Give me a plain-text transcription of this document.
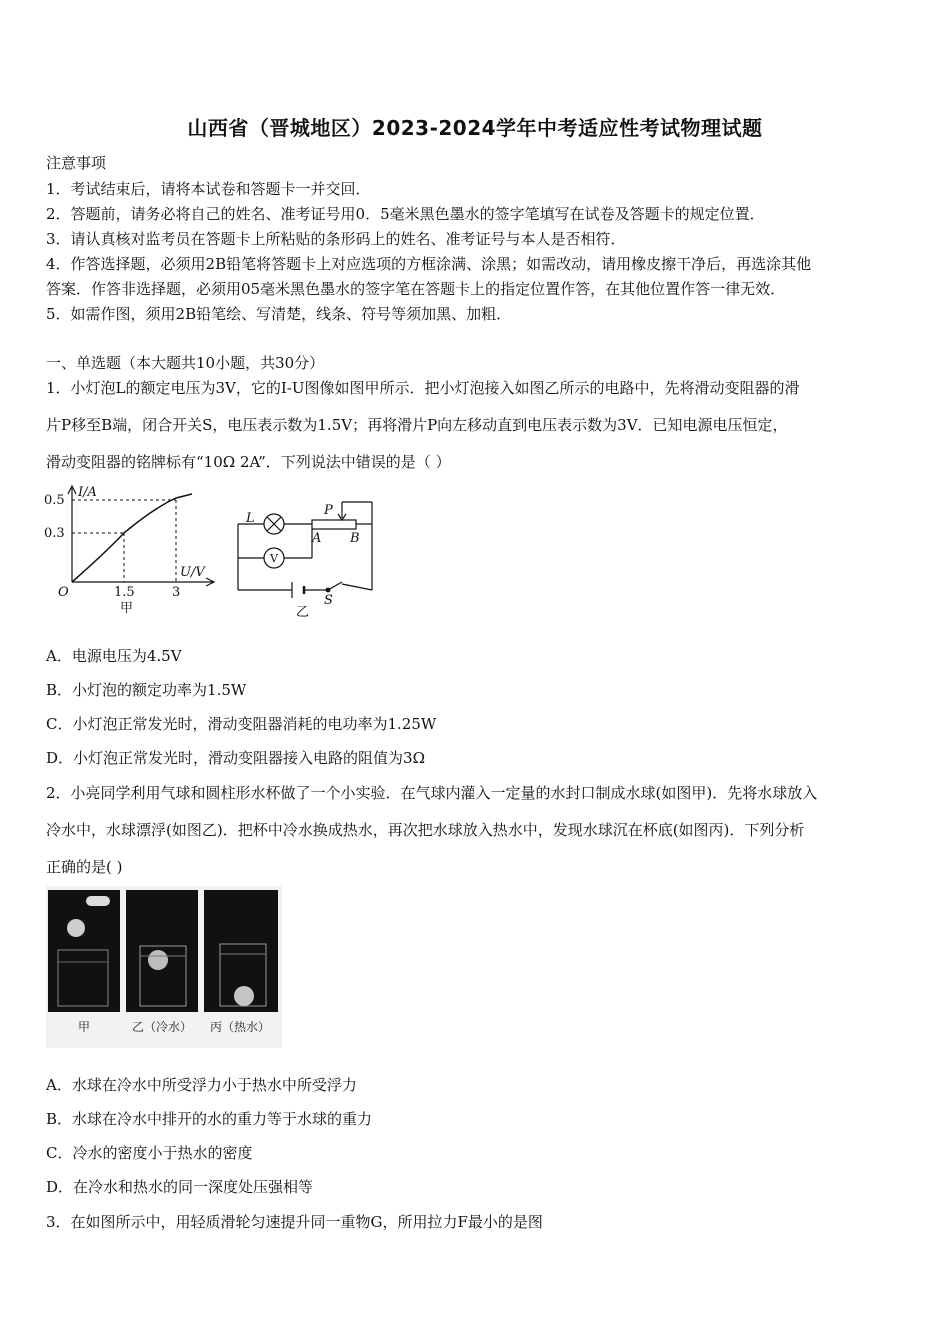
山西省（晋城地区）2023-2024学年中考适应性考试物理试题
注意事项
1．考试结束后，请将本试卷和答题卡一并交回．
2．答题前，请务必将自己的姓名、准考证号用0．5毫米黑色墨水的签字笔填写在试卷及答题卡的规定位置．
3．请认真核对监考员在答题卡上所粘贴的条形码上的姓名、准考证号与本人是否相符．
4．作答选择题，必须用2B铅笔将答题卡上对应选项的方框涂满、涂黑；如需改动，请用橡皮擦干净后，再选涂其他
答案．作答非选择题，必须用05毫米黑色墨水的签字笔在答题卡上的指定位置作答，在其他位置作答一律无效．
5．如需作图，须用2B铅笔绘、写清楚，线条、符号等须加黑、加粗．
一、单选题（本大题共10小题，共30分）
1．小灯泡L的额定电压为3V，它的I-U图像如图甲所示．把小灯泡接入如图乙所示的电路中，先将滑动变阻器的滑
片P移至B端，闭合开关S，电压表示数为1.5V；再将滑片P向左移动直到电压表示数为3V．已知电源电压恒定，
滑动变阻器的铭牌标有“10Ω 2A”．下列说法中错误的是（ ）
I/A
0.5
0.3
O	1.5	3
U/V
甲
L
V
P
A B
S
乙
A．电源电压为4.5V
B．小灯泡的额定功率为1.5W
C．小灯泡正常发光时，滑动变阻器消耗的电功率为1.25W
D．小灯泡正常发光时，滑动变阻器接入电路的阻值为3Ω
2．小亮同学利用气球和圆柱形水杯做了一个小实验．在气球内灌入一定量的水封口制成水球(如图甲)．先将水球放入
冷水中，水球漂浮(如图乙)．把杯中冷水换成热水，再次把水球放入热水中，发现水球沉在杯底(如图丙)．下列分析
正确的是( )
甲	乙（冷水） 丙（热水）
A．水球在冷水中所受浮力小于热水中所受浮力
B．水球在冷水中排开的水的重力等于水球的重力
C．冷水的密度小于热水的密度
D．在冷水和热水的同一深度处压强相等
3．在如图所示中，用轻质滑轮匀速提升同一重物G，所用拉力F最小的是图
